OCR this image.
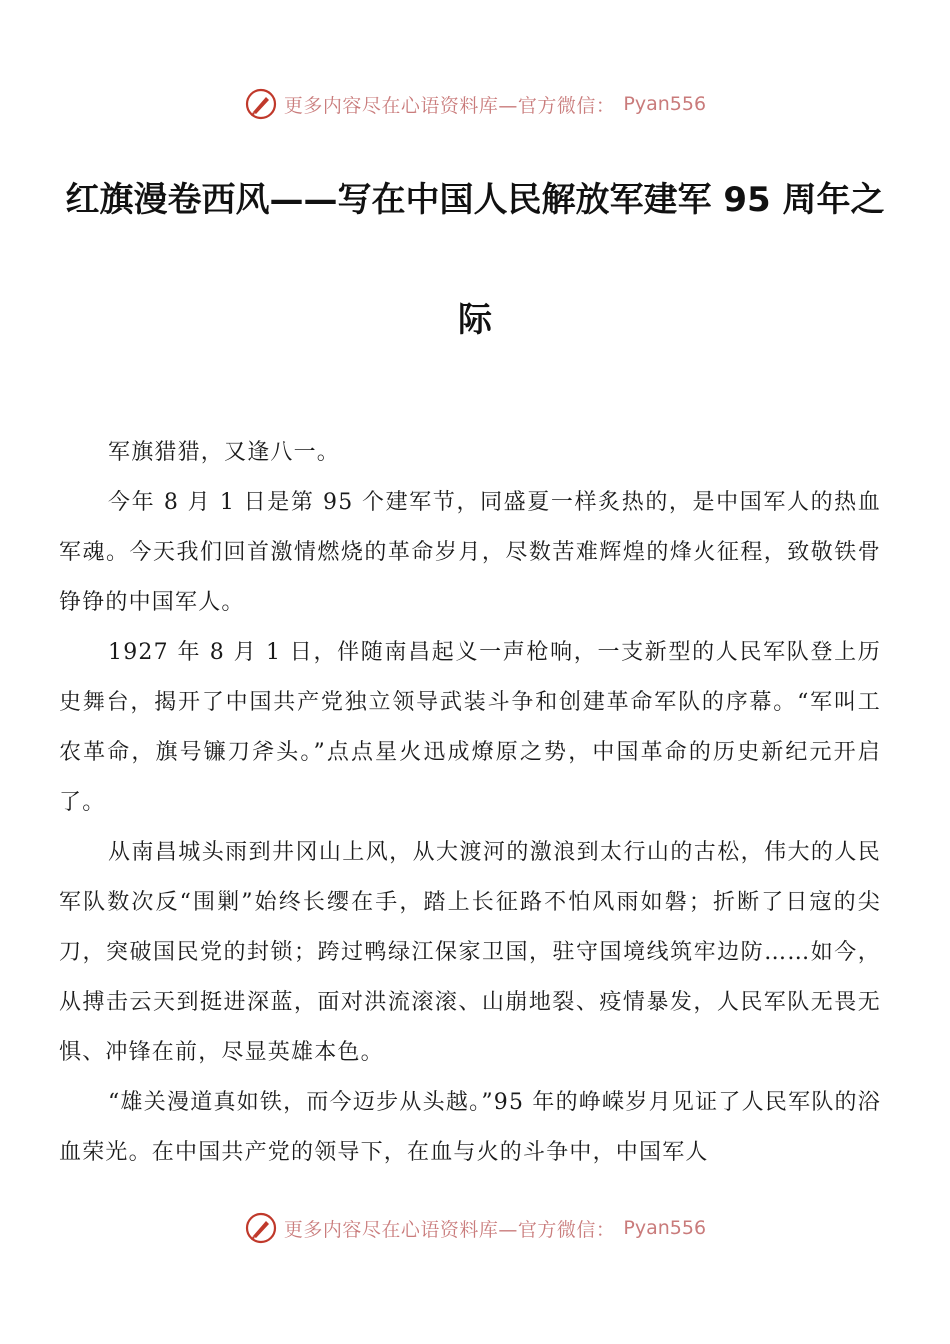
更多内容尽在心语资料库—官方微信： Pyan556
红旗漫卷西风——写在中国人民解放军建军 95 周年之
际

军旗猎猎，又逢八一。

今年 8 月 1 日是第 95 个建军节，同盛夏一样炙热的，是中国军人的热血军魂。今天我们回首激情燃烧的革命岁月，尽数苦难辉煌的烽火征程，致敬铁骨铮铮的中国军人。

1927 年 8 月 1 日，伴随南昌起义一声枪响，一支新型的人民军队登上历史舞台，揭开了中国共产党独立领导武装斗争和创建革命军队的序幕。“军叫工农革命，旗号镰刀斧头。”点点星火迅成燎原之势，中国革命的历史新纪元开启了。

从南昌城头雨到井冈山上风，从大渡河的激浪到太行山的古松，伟大的人民军队数次反“围剿”始终长缨在手，踏上长征路不怕风雨如磐；折断了日寇的尖刀，突破国民党的封锁；跨过鸭绿江保家卫国，驻守国境线筑牢边防……如今，从搏击云天到挺进深蓝，面对洪流滚滚、山崩地裂、疫情暴发，人民军队无畏无惧、冲锋在前，尽显英雄本色。

“雄关漫道真如铁，而今迈步从头越。”95 年的峥嵘岁月见证了人民军队的浴血荣光。在中国共产党的领导下，在血与火的斗争中，中国军人

更多内容尽在心语资料库—官方微信： Pyan556
